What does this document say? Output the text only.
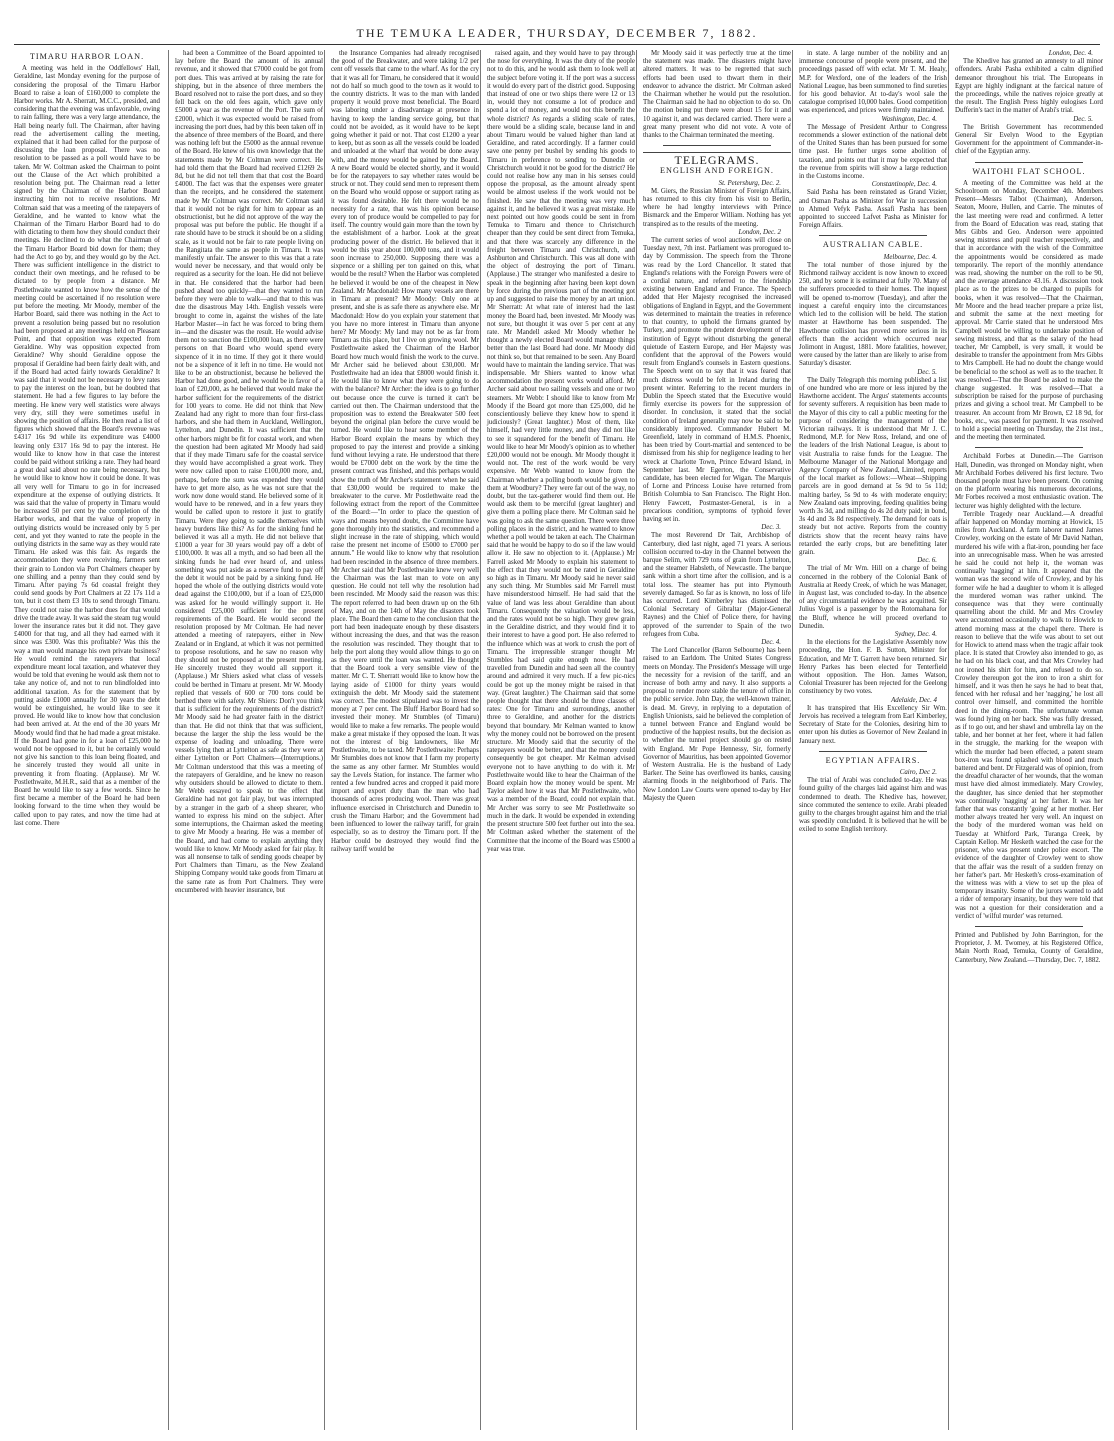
THE TEMUKA LEADER, THURSDAY, DECEMBER 7, 1882.
TIMARU HARBOR LOAN.

A meeting was held in the Oddfellows' Hall, Geraldine, last Monday evening for the purpose of considering the proposal of the Timaru Harbor Board to raise a loan of £160,000 to complete the Harbor works. Mr A. Sherratt, M.C.C., presided, and considering that the evening was unfavorable, owing to rain falling, there was a very large attendance, the Hall being nearly full. The Chairman, after having read the advertisement calling the meeting, explained that it had been called for the purpose of discussing the loan proposal. There was no resolution to be passed as a poll would have to be taken. Mr W. Coltman asked the Chairman to point out the Clause of the Act which prohibited a resolution being put. The Chairman read a letter signed by the Chairman of the Harbor Board instructing him not to receive resolutions. Mr Coltman said that was a meeting of the ratepayers of Geraldine, and he wanted to know what the Chairman of the Timaru Harbor Board had to do with dictating to them how they should conduct their meetings. He declined to do what the Chairman of the Timaru Harbor Board bid down for them; they had the Act to go by, and they would go by the Act. There was sufficient intelligence in the district to conduct their own meetings, and he refused to be dictated to by people from a distance. Mr Postlethwaite wanted to know how the sense of the meeting could be ascertained if no resolution were put before the meeting. Mr Moody, member of the Harbor Board, said there was nothing in the Act to prevent a resolution being passed but no resolution had been proposed at any meetings held on Pleasant Point, and that opposition was expected from Geraldine. Why was opposition expected from Geraldine? Why should Geraldine oppose the proposal if Geraldine had been fairly dealt with, and if the Board had acted fairly towards Geraldine? It was said that it would not be necessary to levy rates to pay the interest on the loan, but he doubted that statement. He had a few figures to lay before the meeting. He knew very well statistics were always very dry, still they were sometimes useful in showing the position of affairs. He then read a list of figures which showed that the Board's revenue was £4317 16s 9d while its expenditure was £4000 leaving only £317 16s 9d to pay the interest. He would like to know how in that case the interest could be paid without striking a rate. They had heard a great deal said about no rate being necessary, but he would like to know how it could be done. It was all very well for Timaru to go in for increased expenditure at the expense of outlying districts. It was said that the value of property in Timaru would be increased 50 per cent by the completion of the Harbor works, and that the value of property in outlying districts would be increased only by 5 per cent, and yet they wanted to rate the people in the outlying districts in the same way as they would rate Timaru. He asked was this fair. As regards the accommodation they were receiving, farmers sent their grain to London via Port Chalmers cheaper by one shilling and a penny than they could send by Timaru. After paying 7s 6d coastal freight they could send goods by Port Chalmers at 22 17s 11d a ton, but it cost them £3 10s to send through Timaru. They could not raise the harbor dues for that would drive the trade away. It was said the steam tug would lower the insurance rates but it did not. They gave £4000 for that tug, and all they had earned with it since was £300. Was this profitable? Was this the way a man would manage his own private business? He would remind the ratepayers that local expenditure meant local taxation, and whatever they would be told that evening he would ask them not to take any notice of, and not to run blindfolded into additional taxation. As for the statement that by putting aside £1000 annually for 30 years the debt would be extinguished, he would like to see it proved. He would like to know how that conclusion had been arrived at. At the end of the 30 years Mr Moody would find that he had made a great mistake. If the Board had gone in for a loan of £25,000 he would not be opposed to it, but he certainly would not give his sanction to this loan being floated, and he sincerely trusted they would all unite in preventing it from floating. (Applause). Mr W. Postlethwaite, M.H.R., said that as a member of the Board he would like to say a few words. Since he first became a member of the Board he had been looking forward to the time when they would be called upon to pay rates, and now the time had at last come. There

had been a Committee of the Board appointed to lay before the Board the amount of its annual revenue, and it showed that £7000 could be got from port dues. This was arrived at by raising the rate for shipping, but in the absence of three members the Board resolved not to raise the port dues, and so they fell back on the old fees again, which gave only £5000 a year as the revenue of the Port. The sum of £2000, which it was expected would be raised from increasing the port dues, had by this been taken off in the absence of three members of the Board, and there was nothing left but the £5000 as the annual revenue of the Board. He knew of his own knowledge that the statements made by Mr Coltman were correct. He had told them that the Board had received £1269 2s 8d, but he did not tell them that that cost the Board £4000. The fact was that the expenses were greater than the receipts, and he considered the statement made by Mr Coltman was correct. Mr Coltman said that it would not be right for him to appear as an obstructionist, but he did not approve of the way the proposal was put before the public. He thought if a rate should have to be struck it should be on a sliding scale, as it would not be fair to rate people living on the Rangitata the same as people in Timaru. It was manifestly unfair. The answer to this was that a rate would never be necessary, and that would only be required as a security for the loan. He did not believe in that. He considered that the harbor had been pushed ahead too quickly—that they wanted to run before they were able to walk—and that to this was due the disastrous May 14th. English vessels were brought to come in, against the wishes of the late Harbor Master—in fact he was forced to bring them in—and the disaster was the result. He would advise them not to sanction the £100,000 loan, as there were persons on that Board who would spend every sixpence of it in no time. If they got it there would not be a sixpence of it left in no time. He would not like to be an obstructionist, because he believed the Harbor had done good, and he would be in favor of a loan of £20,000, as he believed that would make the harbor sufficient for the requirements of the district for 100 years to come. He did not think that New Zealand had any right to more than four first-class harbors, and she had them in Auckland, Wellington, Lyttelton, and Dunedin. It was sufficient that the other harbors might be fit for coastal work, and when the question had been agitated Mr Moody had said that if they made Timaru safe for the coastal service they would have accomplished a great work. They were now called upon to raise £100,000 more, and, perhaps, before the sum was expended they would have to get more also, as he was not sure that the work now done would stand. He believed some of it would have to be renewed, and in a few years they would be called upon to restore it just to gratify Timaru. Were they going to saddle themselves with heavy burdens like this? As for the sinking fund he believed it was all a myth. He did not believe that £1000 a year for 30 years would pay off a debt of £100,000. It was all a myth, and so had been all the sinking funds he had ever heard of, and unless something was put aside as a reserve fund to pay off the debt it would not be paid by a sinking fund. He hoped the whole of the outlying districts would vote dead against the £100,000, but if a loan of £25,000 was asked for he would willingly support it. He considered £25,000 sufficient for the present requirements of the Board. He would second the resolution proposed by Mr Coltman. He had never attended a meeting of ratepayers, either in New Zealand or in England, at which it was not permitted to propose resolutions, and he saw no reason why they should not be proposed at the present meeting. He sincerely trusted they would all support it. (Applause.) Mr Shiers asked what class of vessels could be berthed in Timaru at present. Mr W. Moody replied that vessels of 600 or 700 tons could be berthed there with safety. Mr Shiers: Don't you think that is sufficient for the requirements of the district? Mr Moody said he had greater faith in the district than that. He did not think that that was sufficient, because the larger the ship the less would be the expense of loading and unloading. There were vessels lying then at Lyttelton as safe as they were at either Lyttelton or Port Chalmers—(Interruptions.) Mr Coltman understood that this was a meeting of the ratepayers of Geraldine, and he knew no reason why outsiders should be allowed to dictate to them. Mr Webb essayed to speak to the effect that Geraldine had not got fair play, but was interrupted by a stranger in the garb of a sheep shearer, who wanted to express his mind on the subject. After some interruptions, the Chairman asked the meeting to give Mr Moody a hearing. He was a member of the Board, and had come to explain anything they would like to know. Mr Moody asked for fair play. It was all nonsense to talk of sending goods cheaper by Port Chalmers than Timaru, as the New Zealand Shipping Company would take goods from Timaru at the same rate as from Port Chalmers. They were encumbered with heavier insurance, but

the Insurance Companies had already recognised the good of the Breakwater, and were taking 1/2 per cent off vessels that came to the wharf. As for the cry that it was all for Timaru, he considered that it would not do half so much good to the town as it would to the country districts. It was to the man with landed property it would prove most beneficial. The Board was laboring under a disadvantage at presence in having to keep the landing service going, but that could not be avoided, as it would have to be kept going whether it paid or not. That cost £1200 a year to keep, but as soon as all the vessels could be loaded and unloaded at the wharf that would be done away with, and the money would be gained by the Board. A new Board would be elected shortly, and it would be for the ratepayers to say whether rates would be struck or not. They could send men to represent them on the Board who would oppose or support rating as it was found desirable. He felt there would be no necessity for a rate, that was his opinion because every ton of produce would be compelled to pay for itself. The country would gain more than the town by the establishment of a harbor. Look at the great producing power of the district. He believed that it would be this year about 100,000 tons, and it would soon increase to 250,000. Supposing there was a sixpence or a shilling per ton gained on this, what would be the result? When the Harbor was completed he believed it would be one of the cheapest in New Zealand. Mr Macdonald: How many vessels are there in Timaru at present? Mr Moody: Only one at present, and she is as safe there as anywhere else. Mr Macdonald: How do you explain your statement that you have no more interest in Timaru than anyone here? Mr Moody: My land may not be as far from Timaru as this place, but I live on growing wool. Mr Postlethwaite asked the Chairman of the Harbor Board how much would finish the work to the curve. Mr Archer said he believed about £30,000. Mr Postlethwaite had an idea that £8000 would finish it. He would like to know what they were going to do with the balance? Mr Archer: the idea is to go further out because once the curve is turned it can't be carried out then. The Chairman understood that the proposition was to extend the Breakwater 500 feet beyond the original plan before the curve would be turned. He would like to hear some member of the Harbor Board explain the means by which they proposed to pay the interest and provide a sinking fund without levying a rate. He understood that there would be £7000 debt on the work by the time the present contract was finished, and this perhaps would show the truth of Mr Archer's statement when he said that £30,000 would be required to make the breakwater to the curve. Mr Postlethwaite read the following extract from the report of the Committee of the Board:—"In order to place the question of ways and means beyond doubt, the Committee have gone thoroughly into the statistics, and recommend a slight increase in the rate of shipping, which would raise the present net income of £5000 to £7000 per annum." He would like to know why that resolution had been rescinded in the absence of three members. Mr Archer said that Mr Postlethwaite knew very well the Chairman was the last man to vote on any question. He could not tell why the resolution had been rescinded. Mr Moody said the reason was this: The report referred to had been drawn up on the 6th of May, and on the 14th of May the disasters took place. The Board then came to the conclusion that the port had been inadequate enough by these disasters without increasing the dues, and that was the reason the resolution was rescinded. They thought that to help the port along they would allow things to go on as they were until the loan was wanted. He thought that the Board took a very sensible view of the matter. Mr C. T. Sherratt would like to know how the laying aside of £1000 for thirty years would extinguish the debt. Mr Moody said the statement was correct. The modest stipulated was to invest the money at 7 per cent. The Bluff Harbor Board had so invested their money. Mr Stumbles (of Timaru) would like to make a few remarks. The people would make a great mistake if they opposed the loan. It was not the interest of big landowners, like Mr Postlethwaite, to be taxed. Mr Postlethwaite: Perhaps Mr Stumbles does not know that I farm my property the same as any other farmer. Mr Stumbles would say the Levels Station, for instance. The farmer who rented a few hundred acres and cropped it paid more import and export duty than the man who had thousands of acres producing wool. There was great influence exercised in Christchurch and Dunedin to crush the Timaru Harbor; and the Government had been influenced to lower the railway tariff, for grain especially, so as to destroy the Timaru port. If the Harbor could be destroyed they would find the railway tariff would be

raised again, and they would have to pay through the nose for everything. It was the duty of the people not to do this, and he would ask them to look well at the subject before voting it. If the port was a success it would do every part of the district good. Supposing that instead of one or two ships there were 12 or 13 in, would they not consume a lot of produce and spend a lot of money, and would not this benefit the whole district? As regards a sliding scale of rates, there would be a sliding scale, because land in and about Timaru would be valued higher than land at Geraldine, and rated accordingly. If a farmer could save one penny per bushel by sending his goods to Timaru in preference to sending to Dunedin or Christchurch would it not be good for the district? He could not realise how any man in his senses could oppose the proposal, as the amount already spent would be almost useless if the work would not be finished. He saw that the meeting was very much against it, and he believed it was a great mistake. He next pointed out how goods could be sent in from Temuka to Timaru and thence to Christchurch cheaper than they could be sent direct from Temuka, and that there was scarcely any difference in the freight between Timaru and Christchurch, and Ashburton and Christchurch. This was all done with the object of destroying the port of Timaru. (Applause.) The stranger who manifested a desire to speak in the beginning after having been kept down by force during the previous part of the meeting got up and suggested to raise the money by an art union. Mr Sherratt: At what rate of interest had the last money the Board had, been invested. Mr Moody was not sure, but thought it was over 5 per cent at any rate. Mr Mandell asked Mr Moody whether he thought a newly elected Board would manage things better than the last Board had done. Mr Moody did not think so, but that remained to be seen. Any Board would have to maintain the landing service. That was indispensable. Mr Shiers wanted to know what accommodation the present works would afford. Mr Archer said about two sailing vessels and one or two steamers. Mr Webb: I should like to know from Mr Moody if the Board got more than £25,000, did he conscientiously believe they knew how to spend it judiciously? (Great laughter.) Most of them, like himself, had very little money, and they did not like to see it squandered for the benefit of Timaru. He would like to hear Mr Moody's opinion as to whether £20,000 would not be enough. Mr Moody thought it would not. The rest of the work would be very expensive. Mr Webb wanted to know from the Chairman whether a polling booth would be given to them at Woodbury? They were far out of the way, no doubt, but the tax-gatherer would find them out. He would ask them to be merciful (great laughter) and give them a polling place there. Mr Coltman said he was going to ask the same question. There were three polling places in the district, and he wanted to know whether a poll would be taken at each. The Chairman said that he would be happy to do so if the law would allow it. He saw no objection to it. (Applause.) Mr Farrell asked Mr Moody to explain his statement to the effect that they would not be rated in Geraldine so high as in Timaru. Mr Moody said he never said any such thing. Mr Stumbles said Mr Farrell must have misunderstood himself. He had said that the value of land was less about Geraldine than about Timaru. Consequently the valuation would be less, and the rates would not be so high. They grew grain in the Geraldine district, and they would find it to their interest to have a good port. He also referred to the influence which was at work to crush the port of Timaru. The irrepressible stranger thought Mr Stumbles had said quite enough now. He had travelled from Dunedin and had seen all the country around and admired it very much. If a few pic-nics could be got up the money might be raised in that way. (Great laughter.) The Chairman said that some people thought that there should be three classes of rates: One for Timaru and surroundings, another three to Geraldine, and another for the districts beyond that boundary. Mr Kelman wanted to know why the money could not be borrowed on the present structure. Mr Moody said that the security of the ratepayers would be better, and that the money could consequently be got cheaper. Mr Kelman advised everyone not to have anything to do with it. Mr Postlethwaite would like to hear the Chairman of the Board explain how the money would be spent. Mr Taylor asked how it was that Mr Postlethwaite, who was a member of the Board, could not explain that. Mr Archer was sorry to see Mr Postlethwaite so much in the dark. It would be expended in extending the present structure 500 feet further out into the sea. Mr Coltman asked whether the statement of the Committee that the income of the Board was £5000 a year was true.

Mr Moody said it was perfectly true at the time the statement was made. The disasters might have altered matters. It was to be regretted that such efforts had been used to thwart them in their endeavor to advance the district. Mr Coltman asked the Chairman whether he would put the resolution. The Chairman said he had no objection to do so. On the motion being put there were about 15 for it and 10 against it, and was declared carried. There were a great many present who did not vote. A vote of thanks to the Chairman terminated the meeting.

TELEGRAMS.
ENGLISH AND FOREIGN.

St. Petersburg, Dec. 2.

M. Giers, the Russian Minister of Foreign Affairs, has returned to this city from his visit to Berlin, where he had lengthy interviews with Prince Bismarck and the Emperor William. Nothing has yet transpired as to the results of the meeting.

London, Dec. 2

The current series of wool auctions will close on Tuesday next, 7th inst. Parliament was prorogued to-day by Commission. The speech from the Throne was read by the Lord Chancellor. It stated that England's relations with the Foreign Powers were of a cordial nature, and referred to the friendship existing between England and France. The Speech added that Her Majesty recognised the increased obligations of England in Egypt, and the Government was determined to maintain the treaties in reference to that country, to uphold the firmans granted by Turkey, and promote the prudent development of the institution of Egypt without disturbing the general quietude of Eastern Europe, and Her Majesty was confident that the approval of the Powers would result from England's counsels in Eastern questions. The Speech went on to say that it was feared that much distress would be felt in Ireland during the present winter. Referring to the recent murders in Dublin the Speech stated that the Executive would firmly exercise its powers for the suppression of disorder. In conclusion, it stated that the social condition of Ireland generally may now be said to be considerably improved. Commander Hubert M. Greenfield, lately in command of H.M.S. Phoenix, has been tried by Court-martial and sentenced to be dismissed from his ship for negligence leading to her wreck at Charlotte Town, Prince Edward Island, in September last. Mr Egerton, the Conservative candidate, has been elected for Wigan. The Marquis of Lorne and Princess Louise have returned from British Columbia to San Francisco. The Right Hon. Henry Fawcett, Postmaster-General, is in a precarious condition, symptoms of typhoid fever having set in.

Dec. 3.

The most Reverend Dr Tait, Archbishop of Canterbury, died last night, aged 71 years. A serious collision occurred to-day in the Channel between the barque Selim, with 729 tons of grain from Lyttelton, and the steamer Habsleth, of Newcastle. The barque sank within a short time after the collision, and is a total loss. The steamer has put into Plymouth severely damaged. So far as is known, no loss of life has occurred. Lord Kimberley has dismissed the Colonial Secretary of Gibraltar (Major-General Raynes) and the Chief of Police there, for having approved of the surrender to Spain of the two refugees from Cuba.

Dec. 4.

The Lord Chancellor (Baron Selbourne) has been raised to an Earldom. The United States Congress meets on Monday. The President's Message will urge the necessity for a revision of the tariff, and an increase of both army and navy. It also supports a proposal to render more stable the tenure of office in the public service. John Day, the well-known trainer, is dead. M. Grevy, in replying to a deputation of English Unionists, said he believed the completion of a tunnel between France and England would be productive of the happiest results, but the decision as to whether the tunnel project should go on rested with England. Mr Pope Hennessy, Sir, formerly Governor of Mauritius, has been appointed Governor of Western Australia. He is the husband of Lady Barker. The Seine has overflowed its banks, causing alarming floods in the neighborhood of Paris. The New London Law Courts were opened to-day by Her Majesty the Queen

in state. A large number of the nobility and an immense concourse of people were present, and the proceedings passed off with eclat. Mr T. M. Healy, M.P. for Wexford, one of the leaders of the Irish National League, has been summoned to find sureties for his good behavior. At to-day's wool sale the catalogue comprised 10,000 bales. Good competition was experienced, and prices were firmly maintained.

Washington, Dec. 4.

The Message of President Arthur to Congress recommends a slower extinction of the national debt of the United States than has been pursued for some time past. He further urges some abolition of taxation, and points out that it may be expected that the revenue from spirits will show a large reduction in the Customs income.

Constantinople, Dec. 4.

Said Pasha has been reinstated as Grand Vizier, and Osman Pasha as Minister for War in succession to Ahmed Vefyk Pasha. Assafi Pasha has been appointed to succeed Lafvet Pasha as Minister for Foreign Affairs.

AUSTRALIAN CABLE.

Melbourne, Dec. 4.

The total number of those injured by the Richmond railway accident is now known to exceed 250, and by some it is estimated at fully 70. Many of the sufferers proceeded to their homes. The inquest will be opened to-morrow (Tuesday), and after the inquest a careful enquiry into the circumstances which led to the collision will be held. The station master at Hawthorne has been suspended. The Hawthorne collision has proved more serious in its effects than the accident which occurred near Jolimont in August, 1881. More fatalities, however, were caused by the latter than are likely to arise from Saturday's disaster.

Dec. 5.

The Daily Telegraph this morning published a list of one hundred who are more or less injured by the Hawthorne accident. The Argus' statements accounts for seventy sufferers. A requisition has been made to the Mayor of this city to call a public meeting for the purpose of considering the management of the Victorian railways. It is understood that Mr J. C. Redmond, M.P. for New Ross, Ireland, and one of the leaders of the Irish National League, is about to visit Australia to raise funds for the League. The Melbourne Manager of the National Mortgage and Agency Company of New Zealand, Limited, reports of the local market as follows:—Wheat—Shipping parcels are in good demand at 5s 9d to 5s 11d; malting barley, 5s 9d to 4s with moderate enquiry; New Zealand oats improving, feeding qualities being worth 3s 3d, and milling do 4s 2d duty paid; in bond, 3s 4d and 3s 8d respectively. The demand for oats is steady but not active. Reports from the country districts show that the recent heavy rains have retarded the early crops, but are benefitting later grain.

Dec. 6.

The trial of Mr Wm. Hill on a charge of being concerned in the robbery of the Colonial Bank of Australia at Reedy Creek, of which he was Manager, in August last, was concluded to-day. In the absence of any circumstantial evidence he was acquitted. Sir Julius Vogel is a passenger by the Rotomahana for the Bluff, whence he will proceed overland to Dunedin.

Sydney, Dec. 4.

In the elections for the Legislative Assembly now proceeding, the Hon. F. B. Sutton, Minister for Education, and Mr T. Garrett have been returned. Sir Henry Parkes has been elected for Tenterfield without opposition. The Hon. James Watson, Colonial Treasurer has been rejected for the Geelong constituency by two votes.

Adelaide, Dec. 4

It has transpired that His Excellency Sir Wm. Jervois has received a telegram from Earl Kimberley, Secretary of State for the Colonies, desiring him to enter upon his duties as Governor of New Zealand in January next.

EGYPTIAN AFFAIRS.

Cairo, Dec 2.

The trial of Arabi was concluded to-day. He was found guilty of the charges laid against him and was condemned to death. The Khedive has, however, since commuted the sentence to exile. Arabi pleaded guilty to the charges brought against him and the trial was speedily concluded. It is believed that he will be exiled to some English territory.

London, Dec. 4.

The Khedive has granted an amnesty to all minor offenders. Arabi Pasha exhibited a calm dignified demeanor throughout his trial. The Europeans in Egypt are highly indignant at the farcical nature of the proceedings, while the natives rejoice greatly at the result. The English Press highly eulogises Lord Dufferin's tact in the matter of Arabi's trial.

Dec. 5.

The British Government has recommended General Sir Evelyn Wood to the Egyptian Government for the appointment of Commander-in-chief of the Egyptian army.

WAITOHI FLAT SCHOOL.

A meeting of the Committee was held at the Schoolroom on Monday, December 4th. Members Present—Messrs Talbot (Chairman), Anderson, Seaton, Moore, Hullen, and Carrie. The minutes of the last meeting were read and confirmed. A letter from the Board of Education was read, stating that Mrs Gibbs and Geo. Anderson were appointed sewing mistress and pupil teacher respectively, and that in accordance with the wish of the Committee the appointments would be considered as made temporarily. The report of the monthly attendance was read, showing the number on the roll to be 90, and the average attendance 43.16. A discussion took place as to the prizes to be charged to pupils for books, when it was resolved—That the Chairman, Mr Moore and the head teacher prepare a prize list, and submit the same at the next meeting for approval. Mr Carrie stated that he understood Mrs Campbell would be willing to undertake position of sewing mistress, and that as the salary of the head teacher, Mr Campbell, is very small, it would be desirable to transfer the appointment from Mrs Gibbs to Mrs Campbell. He had no doubt the change would be beneficial to the school as well as to the teacher. It was resolved—That the Board be asked to make the change suggested. It was resolved—That a subscription be raised for the purpose of purchasing prizes and giving a school treat. Mr Campbell to be treasurer. An account from Mr Brown, £2 18 9d, for books, etc., was passed for payment. It was resolved to hold a special meeting on Thursday, the 21st inst., and the meeting then terminated.

Archibald Forbes at Dunedin.—The Garrison Hall, Dunedin, was thronged on Monday night, when Mr Archibald Forbes delivered his first lecture. Two thousand people must have been present. On coming on the platform wearing his numerous decorations, Mr Forbes received a most enthusiastic ovation. The lecturer was highly delighted with the lecture.

Terrible Tragedy near Auckland.—A dreadful affair happened on Monday morning at Howick, 15 miles from Auckland. A farm laborer named James Crowley, working on the estate of Mr David Nathan, murdered his wife with a flat-iron, pounding her face into an unrecognisable mass. When he was arrested he said he could not help it, the woman was continually 'nagging' at him. It appeared that the woman was the second wife of Crowley, and by his former wife he had a daughter to whom it is alleged the murdered woman was rather unkind. The consequence was that they were continually quarrelling about the child. Mr and Mrs Crowley were accustomed occasionally to walk to Howick to attend morning mass at the chapel there. There is reason to believe that the wife was about to set out for Howick to attend mass when the tragic affair took place. It is stated that Crowley also intended to go, as he had on his black coat, and that Mrs Crowley had not ironed his shirt for him, and refused to do so. Crowley thereupon got the iron to iron a shirt for himself, and it was then he says he had to beat that, fenced with her refusal and her 'nagging,' he lost all control over himself, and committed the horrible deed in the dining-room. The unfortunate woman was found lying on her back. She was fully dressed, as if to go out, and her shawl and umbrella lay on the table, and her bonnet at her feet, where it had fallen in the struggle, the marking for the weapon with which the murder had been effected, a patent steam box-iron was found splashed with blood and much battered and bent. Dr Fitzgerald was of opinion, from the dreadful character of her wounds, that the woman must have died almost immediately. Mary Crowley, the daughter, has since denied that her stepmother was continually 'nagging' at her father. It was her father that was constantly 'going' at her mother. Her mother always treated her very well. An inquest on the body of the murdered woman was held on Tuesday at Whitford Park, Turanga Creek, by Captain Kellop. Mr Hesketh watched the case for the prisoner, who was present under police escort. The evidence of the daughter of Crowley went to show that the affair was the result of a sudden frenzy on her father's part. Mr Hesketh's cross-examination of the witness was with a view to set up the plea of temporary insanity. Some of the jurors wanted to add a rider of temporary insanity, but they were told that was not a question for their consideration and a verdict of 'wilful murder' was returned.

Printed and Published by John Barrington, for the Proprietor, J. M. Twomey, at his Registered Office, Main North Road, Temuka, County of Geraldine, Canterbury, New Zealand.—Thursday, Dec. 7, 1882.
